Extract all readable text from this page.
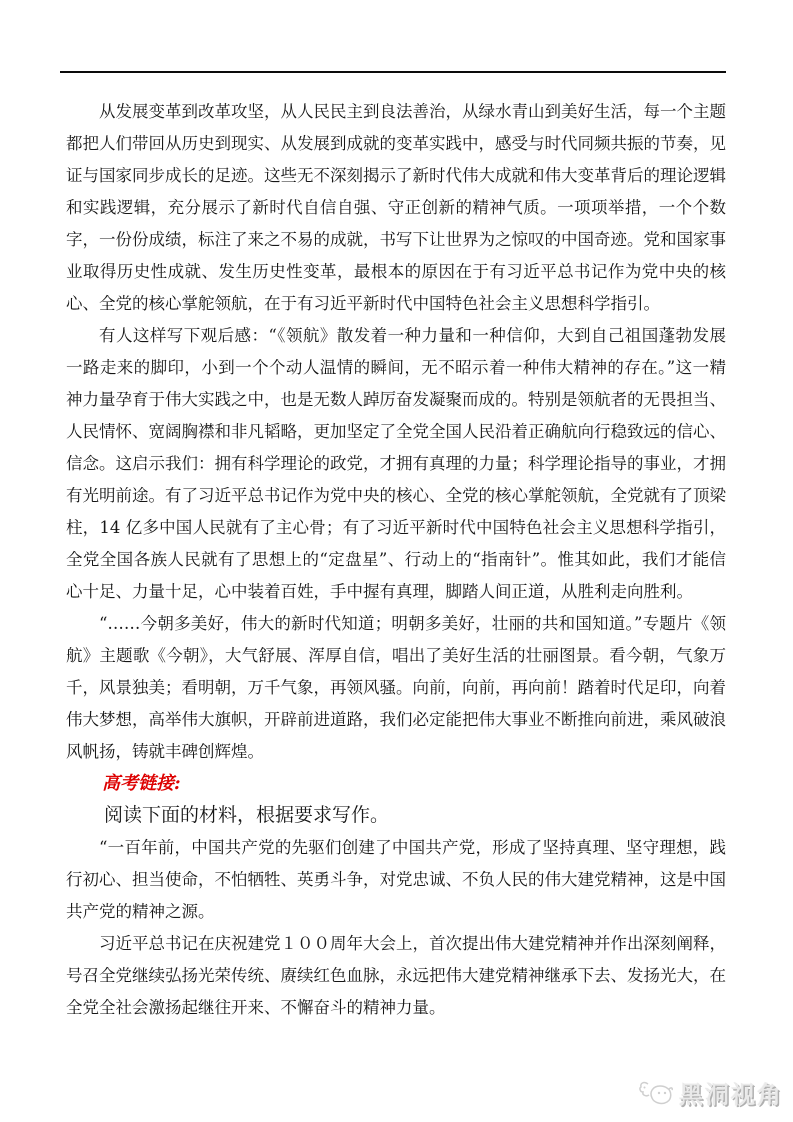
从发展变革到改革攻坚，从人民民主到良法善治，从绿水青山到美好生活，每一个主题都把人们带回从历史到现实、从发展到成就的变革实践中，感受与时代同频共振的节奏，见证与国家同步成长的足迹。这些无不深刻揭示了新时代伟大成就和伟大变革背后的理论逻辑和实践逻辑，充分展示了新时代自信自强、守正创新的精神气质。一项项举措，一个个数字，一份份成绩，标注了来之不易的成就，书写下让世界为之惊叹的中国奇迹。党和国家事业取得历史性成就、发生历史性变革，最根本的原因在于有习近平总书记作为党中央的核心、全党的核心掌舵领航，在于有习近平新时代中国特色社会主义思想科学指引。

有人这样写下观后感：“《领航》散发着一种力量和一种信仰，大到自己祖国蓬勃发展一路走来的脚印，小到一个个动人温情的瞬间，无不昭示着一种伟大精神的存在。”这一精神力量孕育于伟大实践之中，也是无数人踔厉奋发凝聚而成的。特别是领航者的无畏担当、人民情怀、宽阔胸襟和非凡韬略，更加坚定了全党全国人民沿着正确航向行稳致远的信心、信念。这启示我们：拥有科学理论的政党，才拥有真理的力量；科学理论指导的事业，才拥有光明前途。有了习近平总书记作为党中央的核心、全党的核心掌舵领航，全党就有了顶梁柱，14 亿多中国人民就有了主心骨；有了习近平新时代中国特色社会主义思想科学指引，全党全国各族人民就有了思想上的“定盘星”、行动上的“指南针”。惟其如此，我们才能信心十足、力量十足，心中装着百姓，手中握有真理，脚踏人间正道，从胜利走向胜利。

“……今朝多美好，伟大的新时代知道；明朝多美好，壮丽的共和国知道。”专题片《领航》主题歌《今朝》，大气舒展、浑厚自信，唱出了美好生活的壮丽图景。看今朝，气象万千，风景独美；看明朝，万千气象，再领风骚。向前，向前，再向前！踏着时代足印，向着伟大梦想，高举伟大旗帜，开辟前进道路，我们必定能把伟大事业不断推向前进，乘风破浪风帆扬，铸就丰碑创辉煌。

高考链接:

阅读下面的材料，根据要求写作。

“一百年前，中国共产党的先驱们创建了中国共产党，形成了坚持真理、坚守理想，践行初心、担当使命，不怕牺牲、英勇斗争，对党忠诚、不负人民的伟大建党精神，这是中国共产党的精神之源。

习近平总书记在庆祝建党１００周年大会上，首次提出伟大建党精神并作出深刻阐释，号召全党继续弘扬光荣传统、赓续红色血脉，永远把伟大建党精神继承下去、发扬光大，在全党全社会激扬起继往开来、不懈奋斗的精神力量。

黑洞视角
